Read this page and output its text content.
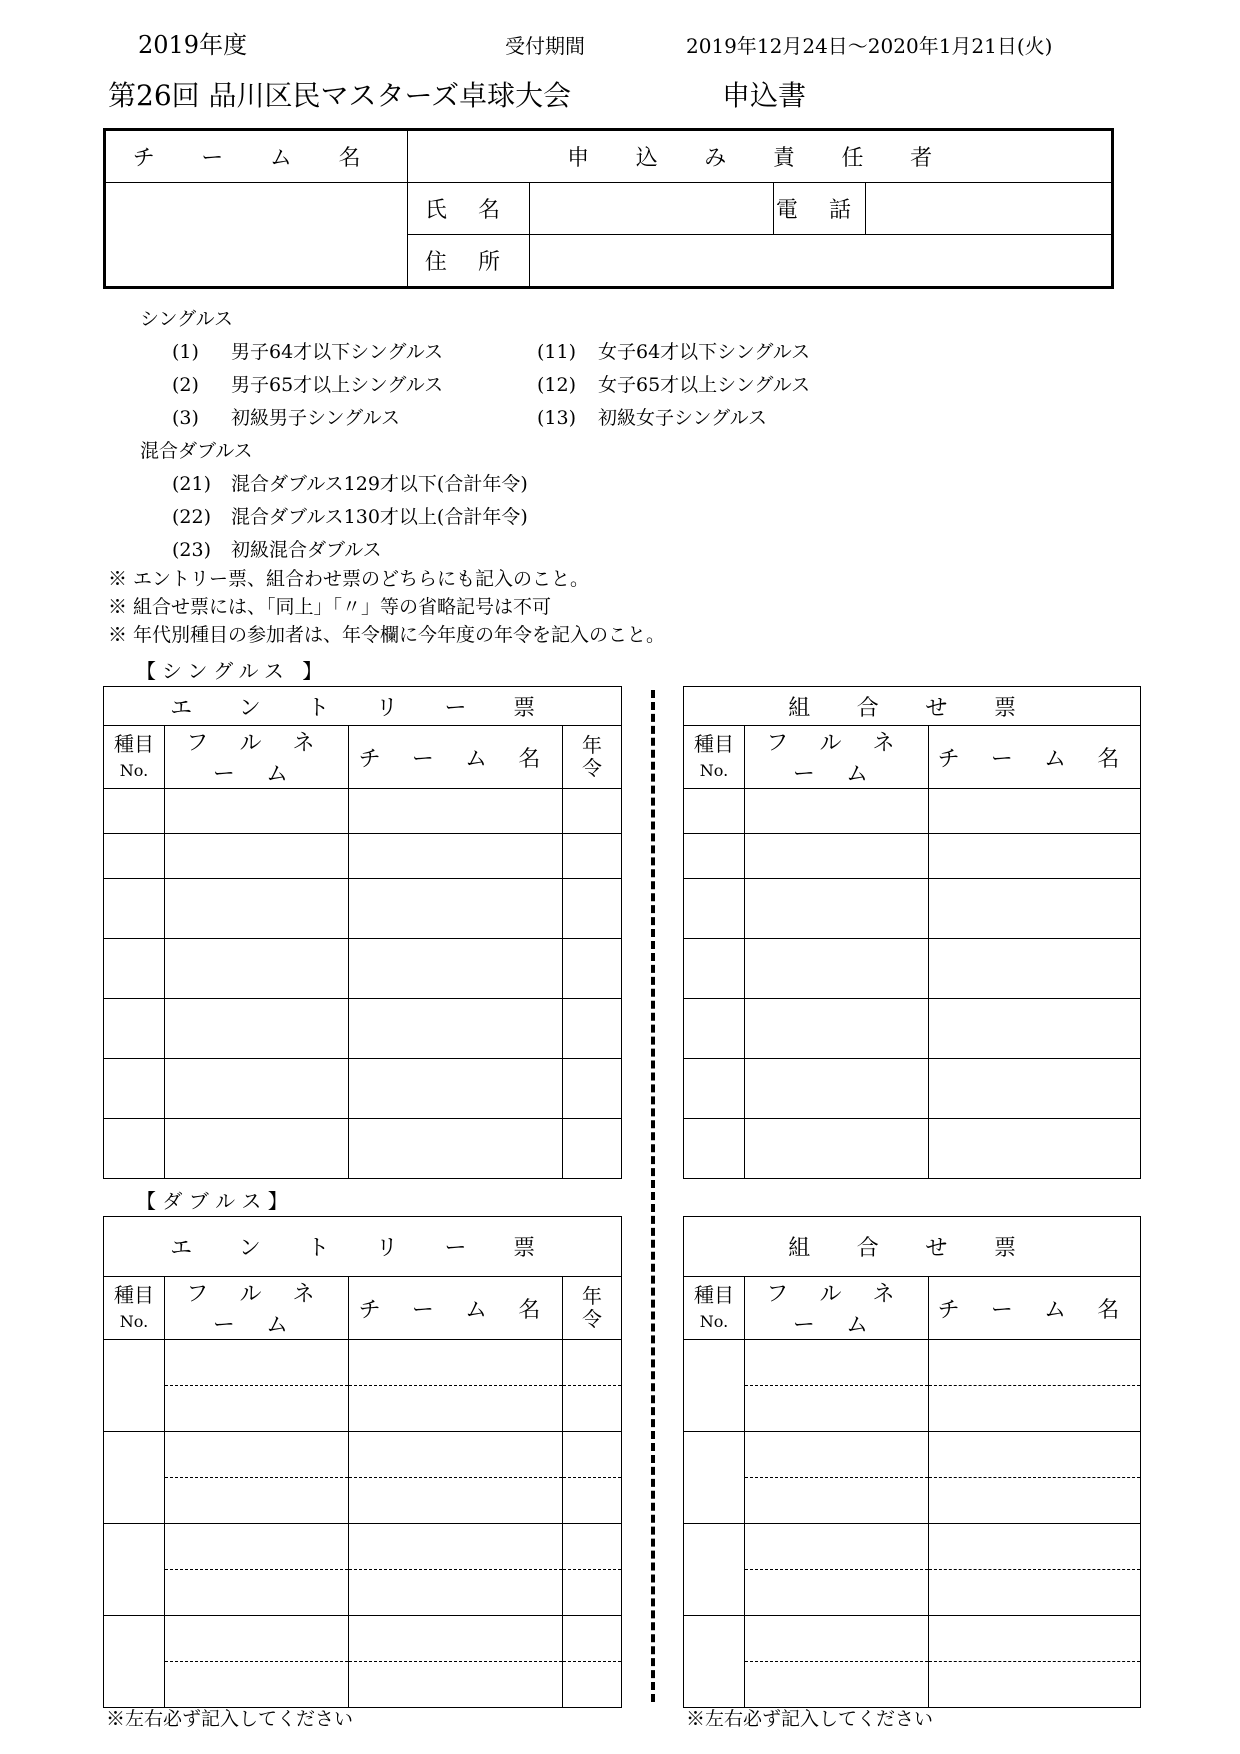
2019年度	受付期間	2019年12月24日～2020年1月21日(火)
第26回 品川区民マスターズ卓球大会	申込書
チ ー ム 名	申 込 み 責 任 者			
	氏 名		電 話	
	住 所			
シングルス
(1) 男子64才以下シングルス
(2) 男子65才以上シングルス
(3) 初級男子シングルス
(11) 女子64才以下シングルス
(12) 女子65才以上シングルス
(13) 初級女子シングルス
混合ダブルス
(21) 混合ダブルス129才以下(合計年令)
(22) 混合ダブルス130才以上(合計年令)
(23) 初級混合ダブルス
※ エントリー票、組合わせ票のどちらにも記入のこと。
※ 組合せ票には、「同上」「〃」等の省略記号は不可
※ 年代別種目の参加者は、年令欄に今年度の年令を記入のこと。
【シングルス 】
【 ダ ブ ル ス 】
エ ン ト リ ー 票			
種目
No.	フ ル ネ ー ム	チ ー ム 名	年
令

組 合 せ 票		
種目
No.	フ ル ネ ー ム	チ ー ム 名

エ ン ト リ ー 票			
種目
No.	フ ル ネ ー ム	チ ー ム 名	年
令

組 合 せ 票		
種目
No.	フ ル ネ ー ム	チ ー ム 名

※左右必ず記入してください	※左右必ず記入してください
